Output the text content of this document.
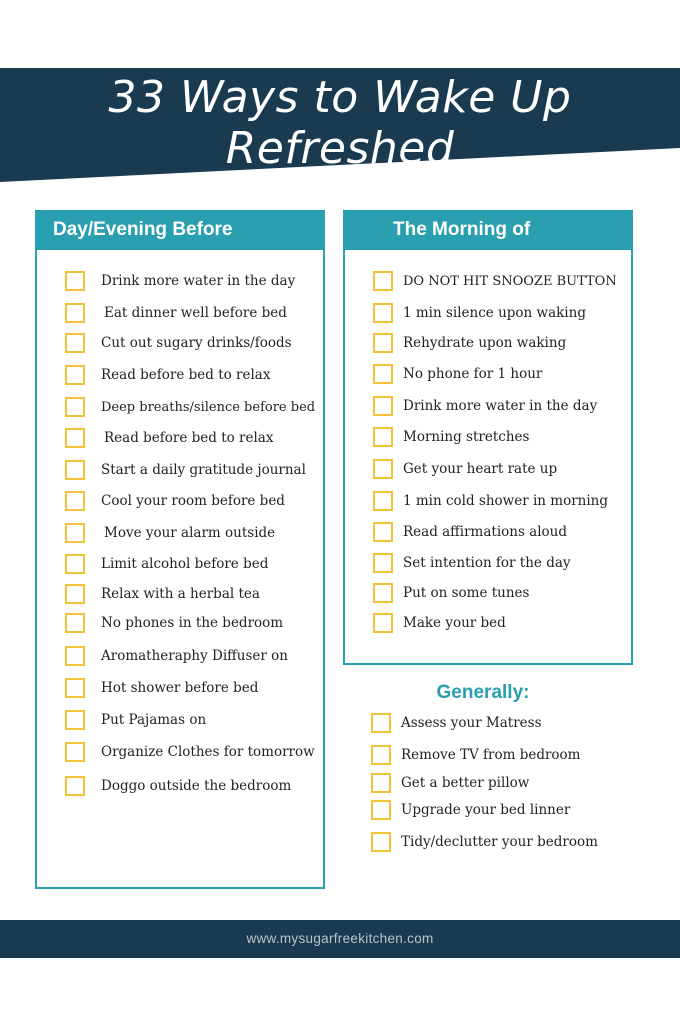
33 Ways to Wake Up Refreshed
Day/Evening Before
Drink more water in the day
Eat dinner well before bed
Cut out sugary drinks/foods
Read before bed to relax
Deep breaths/silence before bed
Read before bed to relax
Start a daily gratitude journal
Cool your room before bed
Move your alarm outside
Limit alcohol before bed
Relax with a herbal tea
No phones in the bedroom
Aromatheraphy Diffuser on
Hot shower before bed
Put Pajamas on
Organize Clothes for tomorrow
Doggo outside the bedroom
The Morning of
DO NOT HIT SNOOZE BUTTON
1 min silence upon waking
Rehydrate upon waking
No phone for 1 hour
Drink more water in the day
Morning stretches
Get your heart rate up
1 min cold shower in morning
Read affirmations aloud
Set intention for the day
Put on some tunes
Make your bed
Generally:
Assess your Matress
Remove TV from bedroom
Get a better pillow
Upgrade your bed linner
Tidy/declutter your bedroom
www.mysugarfreekitchen.com
